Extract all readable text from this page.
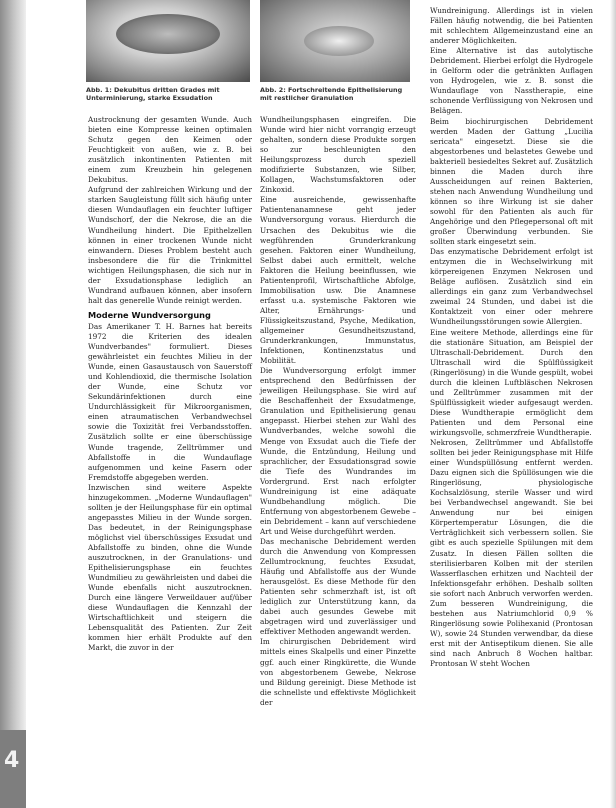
4
Abb. 1: Dekubitus dritten Grades mit Unterminierung, starke Exsudation
Abb. 2: Fortschreitende Epithelisierung mit restlicher Granulation

Austrocknung der gesamten Wunde. Auch bieten eine Kompresse keinen optimalen Schutz gegen den Keimen oder Feuchtigkeit von außen, wie z. B. bei zusätzlich inkontinenten Patienten mit einem zum Kreuzbein hin gelegenen Dekubitus.

Aufgrund der zahlreichen Wirkung und der starken Saugleistung füllt sich häufig unter diesen Wundauflagen ein feuchter luftiger Wundschorf, der die Nekrose, die an die Wundheilung hindert. Die Epithelzellen können in einer trockenen Wunde nicht einwandern. Dieses Problem besteht auch insbesondere die für die Trinkmittel wichtigen Heilungsphasen, die sich nur in der Exsudationsphase lediglich an Wundrand aufbauen können, aber insofern halt das generelle Wunde reinigt werden.

Moderne Wundversorgung

Das Amerikaner T. H. Barnes hat bereits 1972 die Kriterien des idealen Wundverbandes" formuliert. Dieses gewährleistet ein feuchtes Milieu in der Wunde, einen Gasaustausch von Sauerstoff und Kohlendioxid, die thermische Isolation der Wunde, eine Schutz vor Sekundärinfektionen durch eine Undurchlässigkeit für Mikroorganismen, einen atraumatischen Verbandwechsel sowie die Toxizität frei Verbandsstoffen. Zusätzlich sollte er eine überschüssige Wunde tragende, Zelltrümmer und Abfallstoffe in die Wundauflage aufgenommen und keine Fasern oder Fremdstoffe abgegeben werden.

Inzwischen sind weitere Aspekte hinzugekommen. „Moderne Wundauflagen" sollten je der Heilungsphase für ein optimal angepasstes Milieu in der Wunde sorgen. Das bedeutet, in der Reinigungsphase möglichst viel überschüssiges Exsudat und Abfallstoffe zu binden, ohne die Wunde auszutrocknen, in der Granulations- und Epithelisierungsphase ein feuchtes Wundmilieu zu gewährleisten und dabei die Wunde ebenfalls nicht auszutrocknen. Durch eine längere Verweildauer auf/über diese Wundauflagen die Kennzahl der Wirtschaftlichkeit und steigern die Lebensqualität des Patienten. Zur Zeit kommen hier erhält Produkte auf den Markt, die zuvor in der

Wundheilungsphasen eingreifen. Die Wunde wird hier nicht vorrangig erzeugt gehalten, sondern diese Produkte sorgen so zur beschleunigten den Heilungsprozess durch speziell modifizierte Substanzen, wie Silber, Kollagen, Wachstumsfaktoren oder Zinkoxid.

Eine ausreichende, gewissenhafte Patientenanamnese geht jeder Wundversorgung voraus. Hierdurch die Ursachen des Dekubitus wie die wegführenden Grunderkrankung gesehen. Faktoren einer Wundheilung, Selbst dabei auch ermittelt, welche Faktoren die Heilung beeinflussen, wie Patientenprofil, Wirtschaftliche Abfolge, Immobilisation usw. Die Anamnese erfasst u.a. systemische Faktoren wie Alter, Ernährungs- und Flüssigkeitszustand, Psyche, Medikation, allgemeiner Gesundheitszustand, Grunderkrankungen, Immunstatus, Infektionen, Kontinenzstatus und Mobilität.

Die Wundversorgung erfolgt immer entsprechend den Bedürfnissen der jeweiligen Heilungsphase. Sie wird auf die Beschaffenheit der Exsudatmenge, Granulation und Epithelisierung genau angepasst. Hierbei stehen zur Wahl des Wundverbandes, welche sowohl die Menge von Exsudat auch die Tiefe der Wunde, die Entzündung, Heilung und sprachlicher, der Exsudationsgrad sowie die Tiefe des Wundrandes im Vordergrund. Erst nach erfolgter Wundreinigung ist eine adäquate Wundbehandlung möglich. Die Entfernung von abgestorbenem Gewebe – ein Debridement – kann auf verschiedene Art und Weise durchgeführt werden.

Das mechanische Debridement werden durch die Anwendung von Kompressen Zellumtrocknung, feuchtes Exsudat, Häufig und Abfallstoffe aus der Wunde herausgelöst. Es diese Methode für den Patienten sehr schmerzhaft ist, ist oft lediglich zur Unterstützung kann, da dabei auch gesundes Gewebe mit abgetragen wird und zuverlässiger und effektiver Methoden angewandt werden.

Im chirurgischen Debridement wird mittels eines Skalpells und einer Pinzette ggf. auch einer Ringkürette, die Wunde von abgestorbenem Gewebe, Nekrose und Bildung gereinigt. Diese Methode ist die schnellste und effektivste Möglichkeit der

Wundreinigung. Allerdings ist in vielen Fällen häufig notwendig, die bei Patienten mit schlechtem Allgemeinzustand eine an anderer Möglichkeiten.

Eine Alternative ist das autolytische Debridement. Hierbei erfolgt die Hydrogele in Gelform oder die getränkten Auflagen von Hydrogelen, wie z. B. sonst die Wundauflage von Nasstherapie, eine schonende Verflüssigung von Nekrosen und Belägen.

Beim biochirurgischen Debridement werden Maden der Gattung „Lucilia sericata" eingesetzt. Diese sie die abgestorbenes und belastetes Gewebe und bakteriell besiedeltes Sekret auf. Zusätzlich binnen die Maden durch ihre Ausscheidungen auf reinen Bakterien, stehen nach Anwendung Wundheilung und können so ihre Wirkung ist sie daher sowohl für den Patienten als auch für Angehörige und den Pflegepersonal oft mit großer Überwindung verbunden. Sie sollten stark eingesetzt sein.

Das enzymatische Debridement erfolgt ist entzymen die in Wechselwirkung mit körpereigenen Enzymen Nekrosen und Beläge auflösen. Zusätzlich sind ein allerdings ein ganz zum Verbandwechsel zweimal 24 Stunden, und dabei ist die Kontaktzeit von einer oder mehrere Wundheilungsstörungen sowie Allergien.

Eine weitere Methode, allerdings eine für die stationäre Situation, am Beispiel der Ultraschall-Debridement. Durch den Ultraschall wird die Spülflüssigkeit (Ringerlösung) in die Wunde gespült, wobei durch die kleinen Luftbläschen Nekrosen und Zelltrümmer zusammen mit der Spülflüssigkeit wieder aufgesaugt werden. Diese Wundtherapie ermöglicht dem Patienten und dem Personal eine wirkungsvolle, schmerzfreie Wundtherapie.

Nekrosen, Zelltrümmer und Abfallstoffe sollten bei jeder Reinigungsphase mit Hilfe einer Wundspüllösung entfernt werden. Dazu eignen sich die Spüllösungen wie die Ringerlösung, physiologische Kochsalzlösung, sterile Wasser und wird bei Verbandwechsel angewandt. Sie bei Anwendung nur bei einigen Körpertemperatur Lösungen, die die Verträglichkeit sich verbessern sollen. Sie gibt es auch spezielle Spülungen mit dem Zusatz. In diesen Fällen sollten die sterilisierbaren Kolben mit der sterilen Wasserflaschen erhitzen und Nachteil der Infektionsgefahr erhöhen. Deshalb sollten sie sofort nach Anbruch verworfen werden. Zum besseren Wundreinigung, die bestehen aus Natriumchlorid 0,9 % Ringerlösung sowie Polihexanid (Prontosan W), sowie 24 Stunden verwendbar, da diese erst mit der Antiseptikum dienen. Sie alle sind nach Anbruch 8 Wochen haltbar. Prontosan W steht Wochen
